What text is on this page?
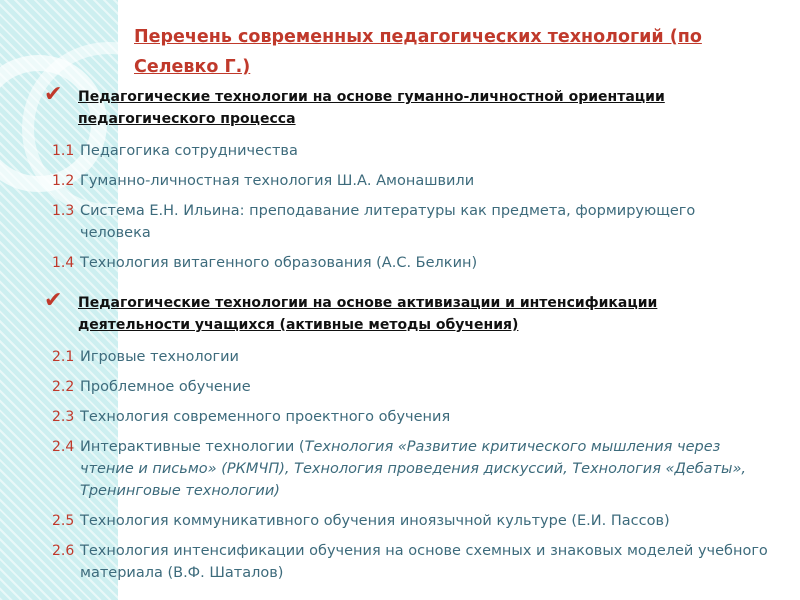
Перечень современных педагогических технологий (по Селевко Г.)
✔ Педагогические технологии на основе гуманно-личностной ориентации педагогического процесса
1.1 Педагогика сотрудничества
1.2 Гуманно-личностная технология Ш.А. Амонашвили
1.3 Система Е.Н. Ильина: преподавание литературы как предмета, формирующего человека
1.4 Технология витагенного образования (А.С. Белкин)
✔ Педагогические технологии на основе активизации и интенсификации деятельности учащихся (активные методы обучения)
2.1 Игровые технологии
2.2 Проблемное обучение
2.3 Технология современного проектного обучения
2.4 Интерактивные технологии (Технология «Развитие критического мышления через чтение и письмо» (РКМЧП), Технология проведения дискуссий, Технология «Дебаты», Тренинговые технологии)
2.5 Технология коммуникативного обучения иноязычной культуре (Е.И. Пассов)
2.6 Технология интенсификации обучения на основе схемных и знаковых моделей учебного материала (В.Ф. Шаталов)
